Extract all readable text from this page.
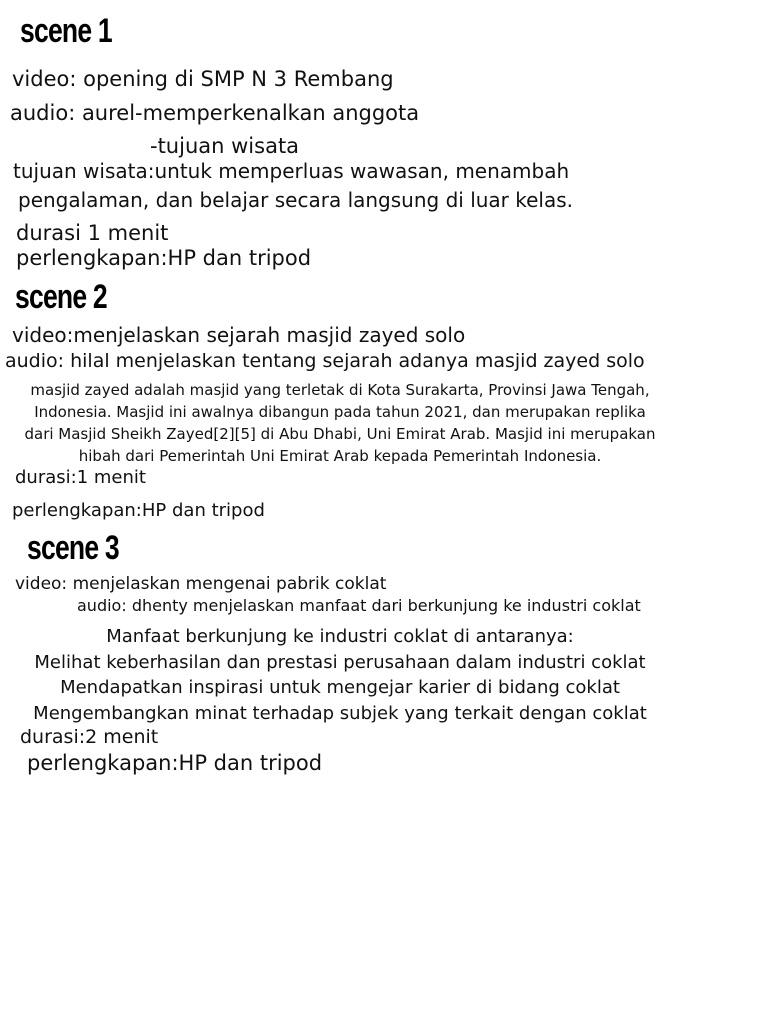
scene 1

video: opening di SMP N 3 Rembang

audio: aurel-memperkenalkan anggota

-tujuan wisata

tujuan wisata:untuk memperluas wawasan, menambah

pengalaman, dan belajar secara langsung di luar kelas.

durasi 1 menit

perlengkapan:HP dan tripod

scene 2

video:menjelaskan sejarah masjid zayed solo

audio: hilal menjelaskan tentang sejarah adanya masjid zayed solo

masjid zayed adalah masjid yang terletak di Kota Surakarta, Provinsi Jawa Tengah,
Indonesia. Masjid ini awalnya dibangun pada tahun 2021, dan merupakan replika
dari Masjid Sheikh Zayed[2][5] di Abu Dhabi, Uni Emirat Arab. Masjid ini merupakan
hibah dari Pemerintah Uni Emirat Arab kepada Pemerintah Indonesia.

durasi:1 menit

perlengkapan:HP dan tripod

scene 3

video: menjelaskan mengenai pabrik coklat

audio: dhenty menjelaskan manfaat dari berkunjung ke industri coklat

Manfaat berkunjung ke industri coklat di antaranya:
Melihat keberhasilan dan prestasi perusahaan dalam industri coklat
Mendapatkan inspirasi untuk mengejar karier di bidang coklat
Mengembangkan minat terhadap subjek yang terkait dengan coklat

durasi:2 menit

perlengkapan:HP dan tripod
